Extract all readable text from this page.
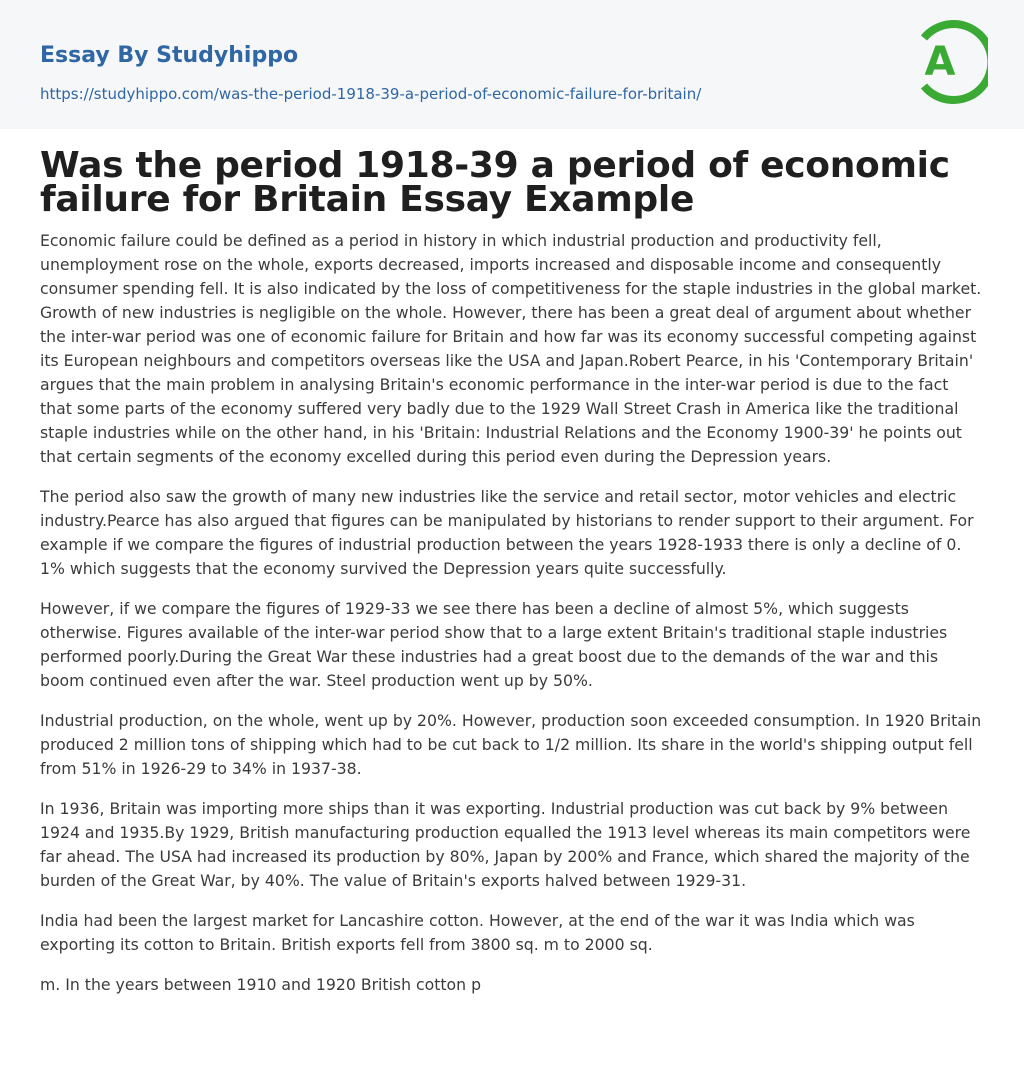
Essay By Studyhippo
https://studyhippo.com/was-the-period-1918-39-a-period-of-economic-failure-for-britain/
A
Was the period 1918-39 a period of economic failure for Britain Essay Example

Economic failure could be defined as a period in history in which industrial production and productivity fell, unemployment rose on the whole, exports decreased, imports increased and disposable income and consequently consumer spending fell. It is also indicated by the loss of competitiveness for the staple industries in the global market. Growth of new industries is negligible on the whole. However, there has been a great deal of argument about whether the inter-war period was one of economic failure for Britain and how far was its economy successful competing against its European neighbours and competitors overseas like the USA and Japan.Robert Pearce, in his 'Contemporary Britain' argues that the main problem in analysing Britain's economic performance in the inter-war period is due to the fact that some parts of the economy suffered very badly due to the 1929 Wall Street Crash in America like the traditional staple industries while on the other hand, in his 'Britain: Industrial Relations and the Economy 1900-39' he points out that certain segments of the economy excelled during this period even during the Depression years.

The period also saw the growth of many new industries like the service and retail sector, motor vehicles and electric industry.Pearce has also argued that figures can be manipulated by historians to render support to their argument. For example if we compare the figures of industrial production between the years 1928-1933 there is only a decline of 0. 1% which suggests that the economy survived the Depression years quite successfully.

However, if we compare the figures of 1929-33 we see there has been a decline of almost 5%, which suggests otherwise. Figures available of the inter-war period show that to a large extent Britain's traditional staple industries performed poorly.During the Great War these industries had a great boost due to the demands of the war and this boom continued even after the war. Steel production went up by 50%.

Industrial production, on the whole, went up by 20%. However, production soon exceeded consumption. In 1920 Britain produced 2 million tons of shipping which had to be cut back to 1/2 million. Its share in the world's shipping output fell from 51% in 1926-29 to 34% in 1937-38.

In 1936, Britain was importing more ships than it was exporting. Industrial production was cut back by 9% between 1924 and 1935.By 1929, British manufacturing production equalled the 1913 level whereas its main competitors were far ahead. The USA had increased its production by 80%, Japan by 200% and France, which shared the majority of the burden of the Great War, by 40%. The value of Britain's exports halved between 1929-31.

India had been the largest market for Lancashire cotton. However, at the end of the war it was India which was exporting its cotton to Britain. British exports fell from 3800 sq. m to 2000 sq.

m. In the years between 1910 and 1920 British cotton p
